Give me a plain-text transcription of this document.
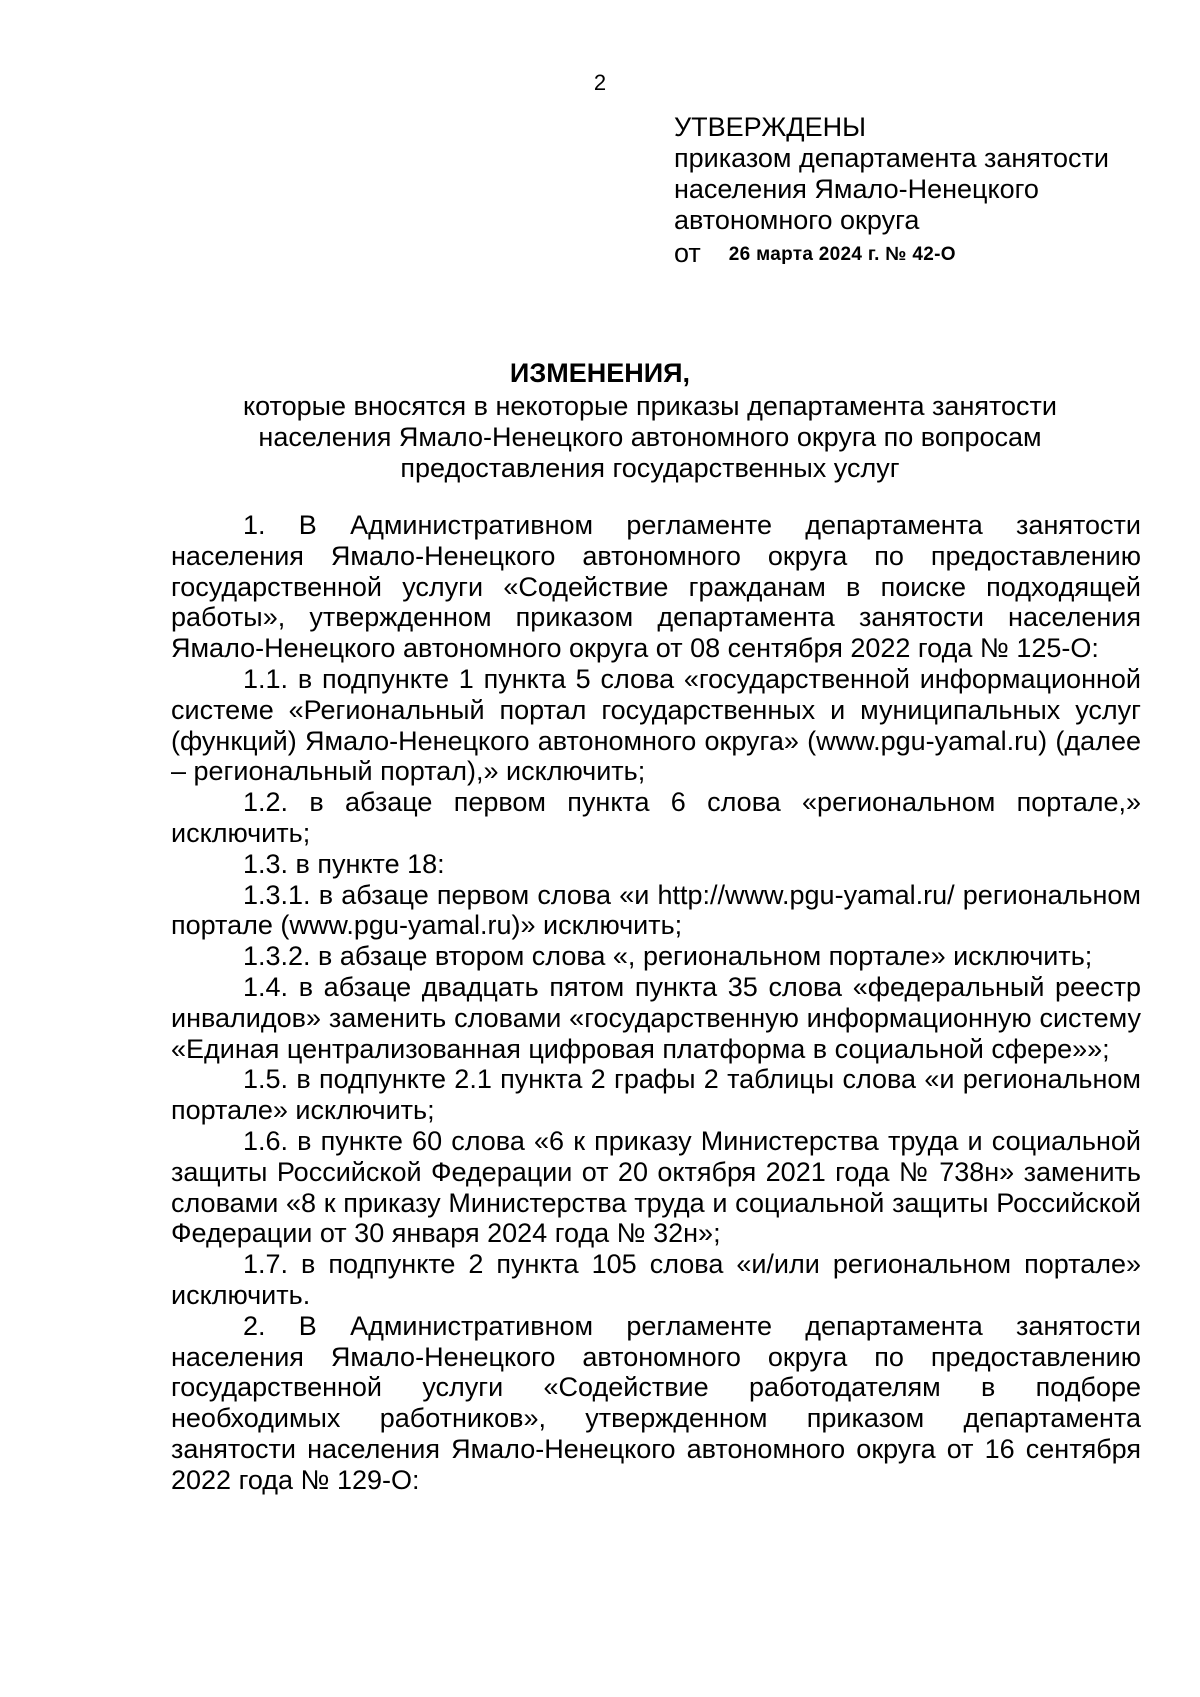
2
УТВЕРЖДЕНЫ
приказом департамента занятости
населения Ямало-Ненецкого
автономного округа
от 26 марта 2024 г. № 42-О
ИЗМЕНЕНИЯ,
которые вносятся в некоторые приказы департамента занятости
населения Ямало-Ненецкого автономного округа по вопросам
предоставления государственных услуг

1. В Административном регламенте департамента занятости населения Ямало-Ненецкого автономного округа по предоставлению государственной услуги «Содействие гражданам в поиске подходящей работы», утвержденном приказом департамента занятости населения Ямало-Ненецкого автономного округа от 08 сентября 2022 года № 125-О:

1.1. в подпункте 1 пункта 5 слова «государственной информационной системе «Региональный портал государственных и муниципальных услуг (функций) Ямало-Ненецкого автономного округа» (www.pgu-yamal.ru) (далее – региональный портал),» исключить;

1.2. в абзаце первом пункта 6 слова «региональном портале,» исключить;

1.3. в пункте 18:

1.3.1. в абзаце первом слова «и http://www.pgu-yamal.ru/ региональном портале (www.pgu-yamal.ru)» исключить;

1.3.2. в абзаце втором слова «, региональном портале» исключить;

1.4. в абзаце двадцать пятом пункта 35 слова «федеральный реестр инвалидов» заменить словами «государственную информационную систему «Единая централизованная цифровая платформа в социальной сфере»»;

1.5. в подпункте 2.1 пункта 2 графы 2 таблицы слова «и региональном портале» исключить;

1.6. в пункте 60 слова «6 к приказу Министерства труда и социальной защиты Российской Федерации от 20 октября 2021 года № 738н» заменить словами «8 к приказу Министерства труда и социальной защиты Российской Федерации от 30 января 2024 года № 32н»;

1.7. в подпункте 2 пункта 105 слова «и/или региональном портале» исключить.

2. В Административном регламенте департамента занятости населения Ямало-Ненецкого автономного округа по предоставлению государственной услуги «Содействие работодателям в подборе необходимых работников», утвержденном приказом департамента занятости населения Ямало-Ненецкого автономного округа от 16 сентября 2022 года № 129-О:
